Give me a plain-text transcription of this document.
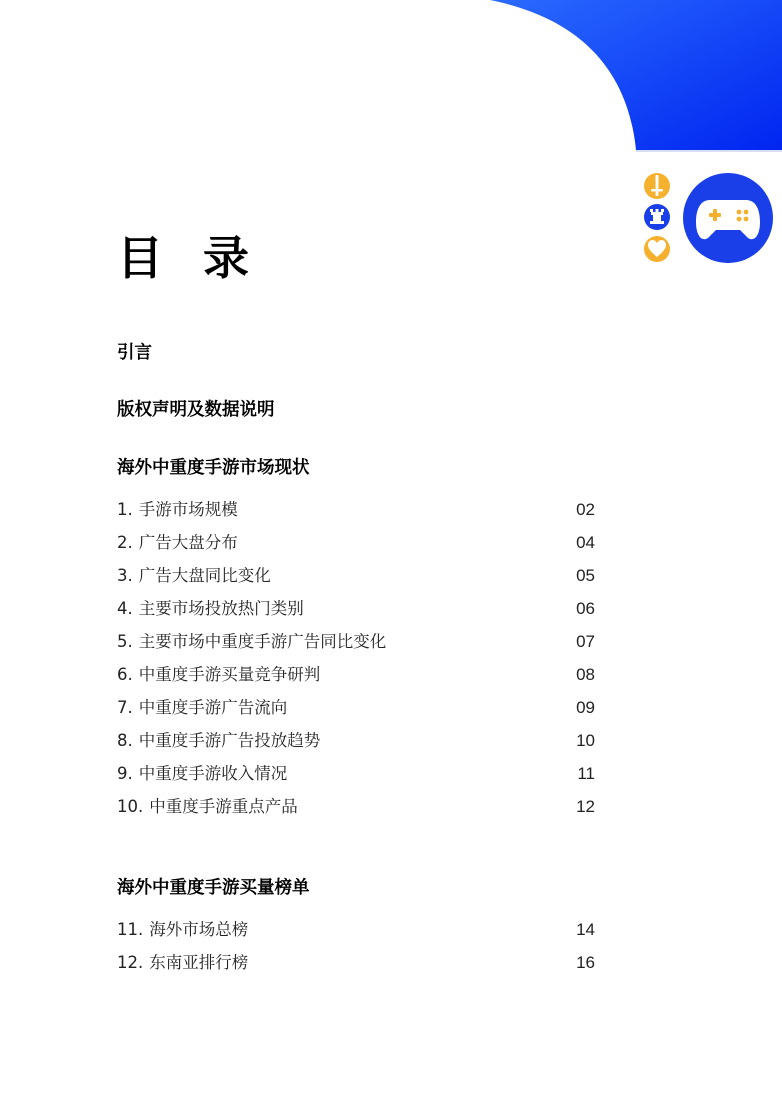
目 录
引言
版权声明及数据说明
海外中重度手游市场现状
1. 手游市场规模	02
2. 广告大盘分布	04
3. 广告大盘同比变化	05
4. 主要市场投放热门类别	06
5. 主要市场中重度手游广告同比变化	07
6. 中重度手游买量竞争研判	08
7. 中重度手游广告流向	09
8. 中重度手游广告投放趋势	10
9. 中重度手游收入情况	11
10. 中重度手游重点产品	12
海外中重度手游买量榜单
11. 海外市场总榜	14
12. 东南亚排行榜	16
